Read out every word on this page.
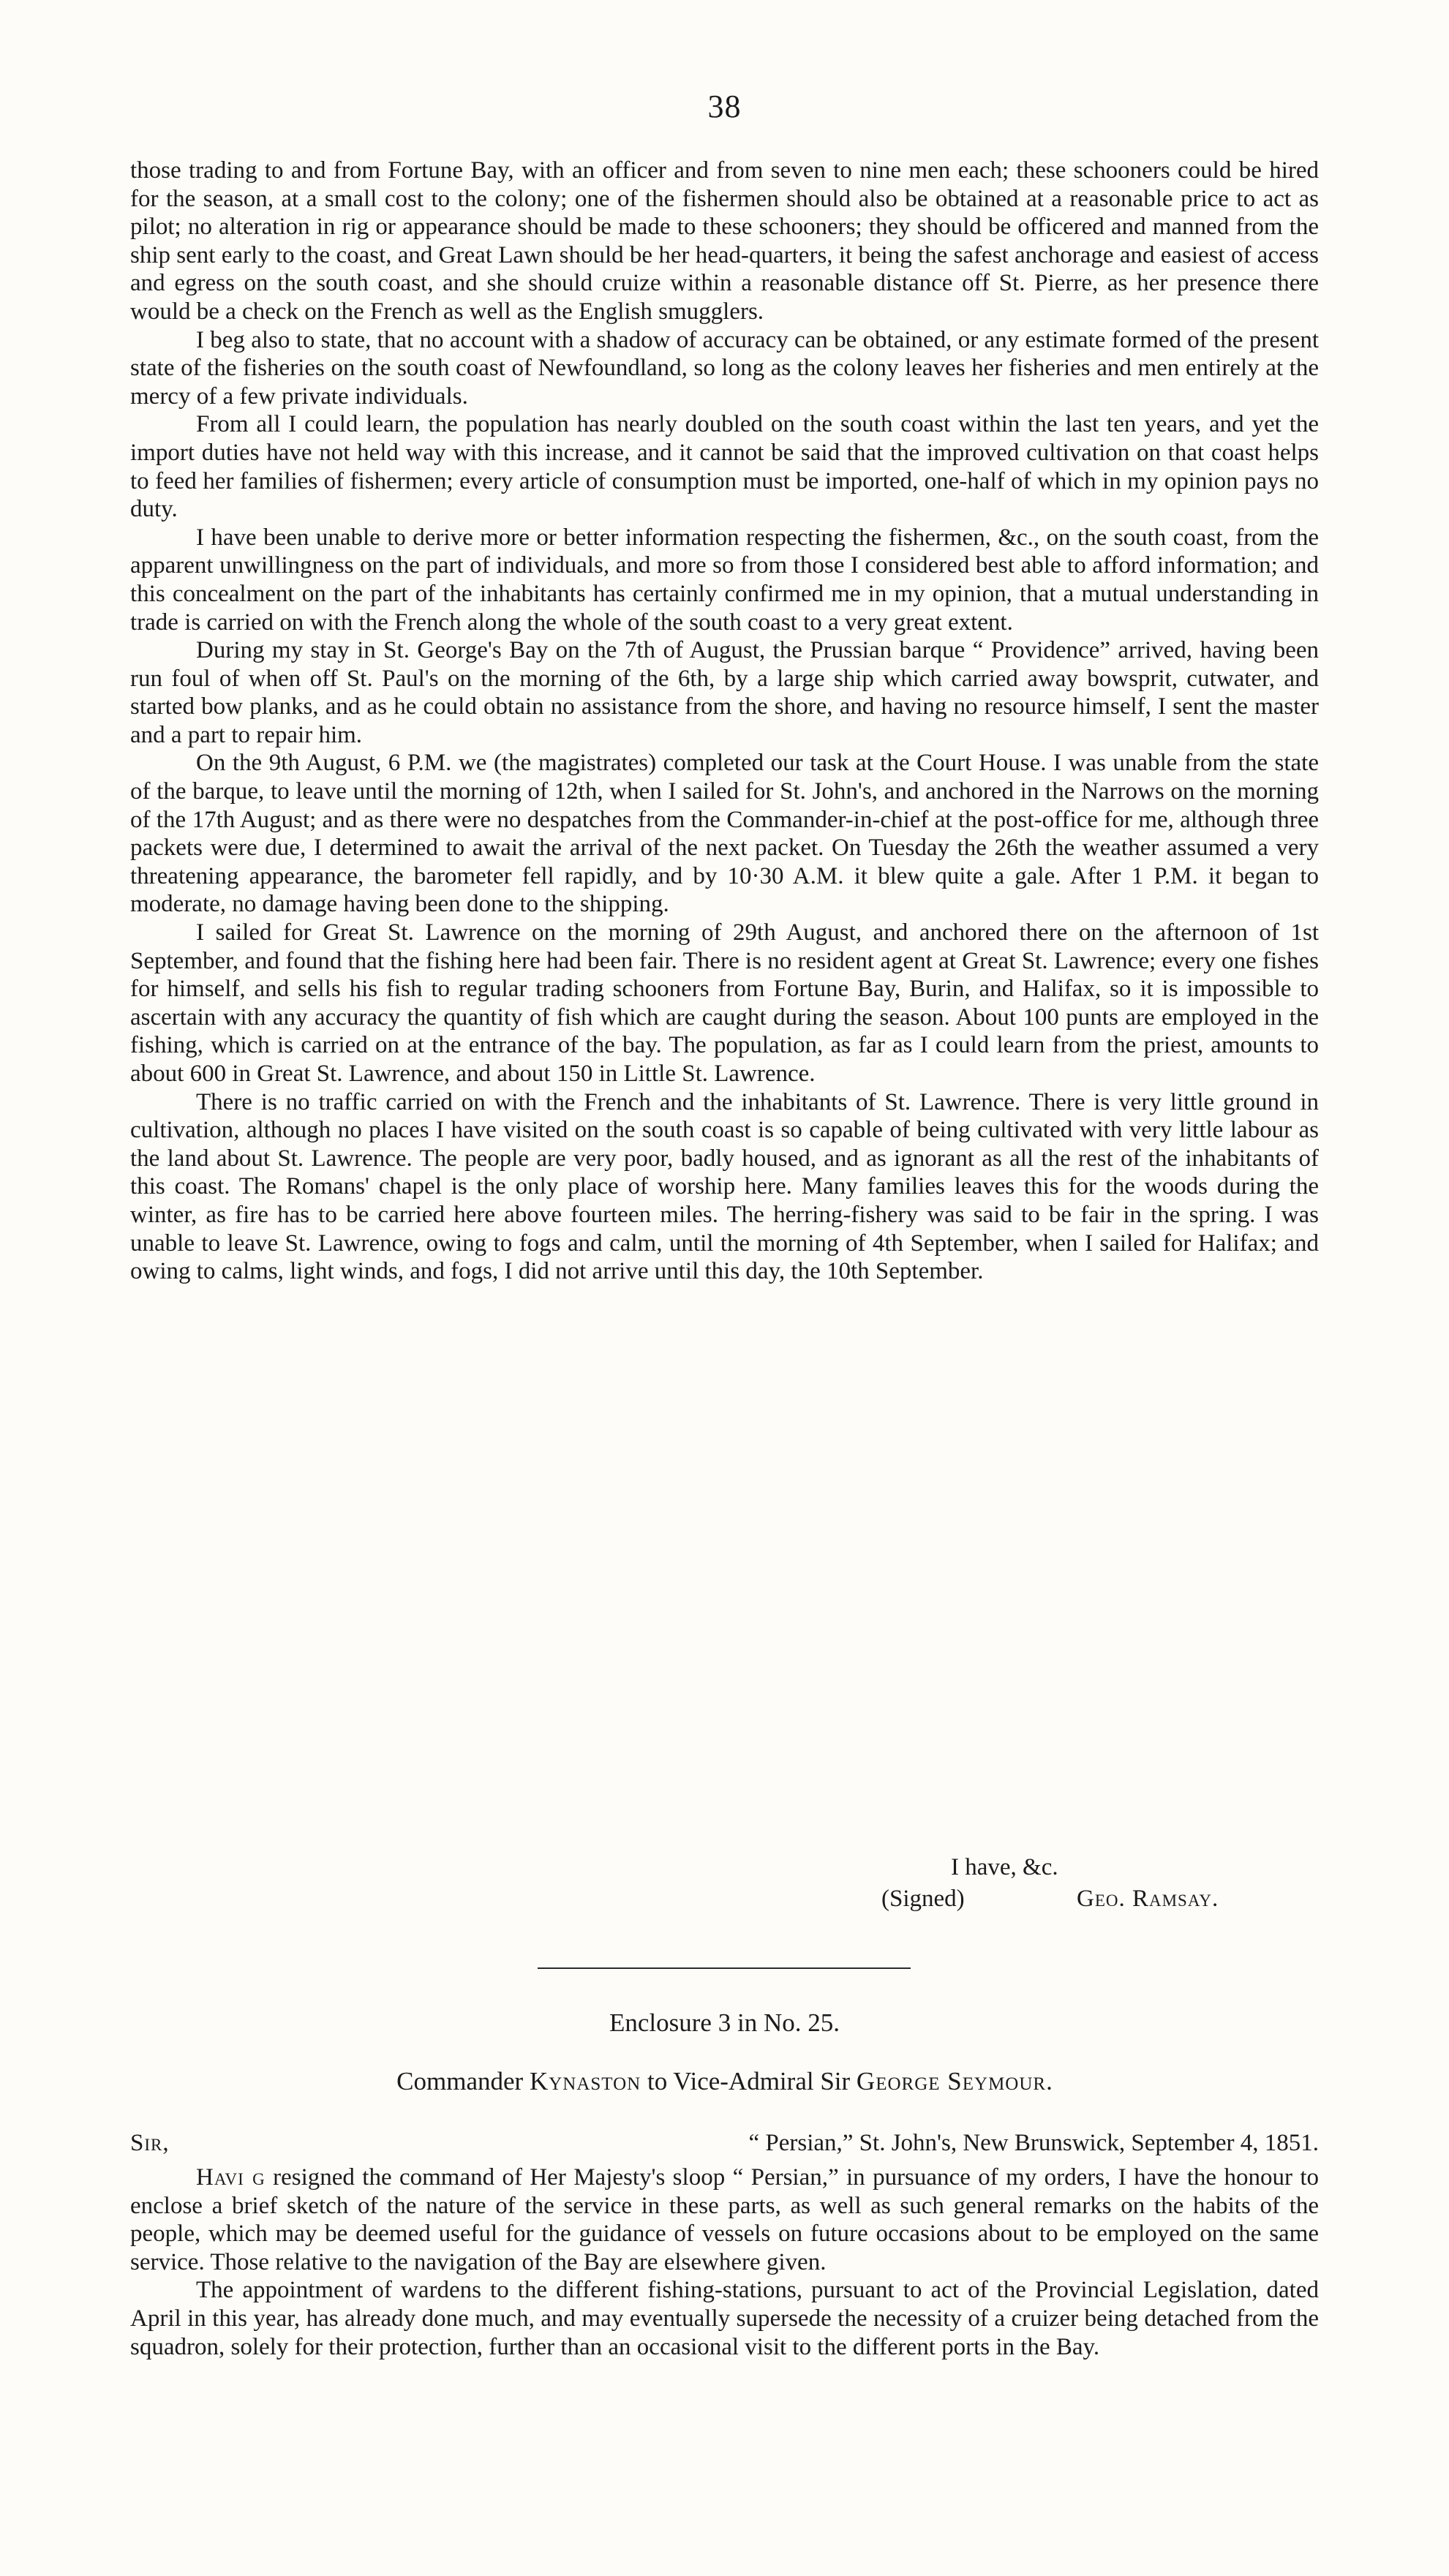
38

those trading to and from Fortune Bay, with an officer and from seven to nine men each; these schooners could be hired for the season, at a small cost to the colony; one of the fishermen should also be obtained at a reasonable price to act as pilot; no alteration in rig or appearance should be made to these schooners; they should be officered and manned from the ship sent early to the coast, and Great Lawn should be her head-quarters, it being the safest anchorage and easiest of access and egress on the south coast, and she should cruize within a reasonable distance off St. Pierre, as her presence there would be a check on the French as well as the English smugglers.

I beg also to state, that no account with a shadow of accuracy can be obtained, or any estimate formed of the present state of the fisheries on the south coast of Newfoundland, so long as the colony leaves her fisheries and men entirely at the mercy of a few private individuals.

From all I could learn, the population has nearly doubled on the south coast within the last ten years, and yet the import duties have not held way with this increase, and it cannot be said that the improved cultivation on that coast helps to feed her families of fishermen; every article of consumption must be imported, one-half of which in my opinion pays no duty.

I have been unable to derive more or better information respecting the fishermen, &c., on the south coast, from the apparent unwillingness on the part of individuals, and more so from those I considered best able to afford information; and this concealment on the part of the inhabitants has certainly confirmed me in my opinion, that a mutual understanding in trade is carried on with the French along the whole of the south coast to a very great extent.

During my stay in St. George's Bay on the 7th of August, the Prussian barque “ Providence” arrived, having been run foul of when off St. Paul's on the morning of the 6th, by a large ship which carried away bowsprit, cutwater, and started bow planks, and as he could obtain no assistance from the shore, and having no resource himself, I sent the master and a part to repair him.

On the 9th August, 6 P.M. we (the magistrates) completed our task at the Court House. I was unable from the state of the barque, to leave until the morning of 12th, when I sailed for St. John's, and anchored in the Narrows on the morning of the 17th August; and as there were no despatches from the Commander-in-chief at the post-office for me, although three packets were due, I determined to await the arrival of the next packet. On Tuesday the 26th the weather assumed a very threatening appearance, the barometer fell rapidly, and by 10·30 A.M. it blew quite a gale. After 1 P.M. it began to moderate, no damage having been done to the shipping.

I sailed for Great St. Lawrence on the morning of 29th August, and anchored there on the afternoon of 1st September, and found that the fishing here had been fair. There is no resident agent at Great St. Lawrence; every one fishes for himself, and sells his fish to regular trading schooners from Fortune Bay, Burin, and Halifax, so it is impossible to ascertain with any accuracy the quantity of fish which are caught during the season. About 100 punts are employed in the fishing, which is carried on at the entrance of the bay. The population, as far as I could learn from the priest, amounts to about 600 in Great St. Lawrence, and about 150 in Little St. Lawrence.

There is no traffic carried on with the French and the inhabitants of St. Lawrence. There is very little ground in cultivation, although no places I have visited on the south coast is so capable of being cultivated with very little labour as the land about St. Lawrence. The people are very poor, badly housed, and as ignorant as all the rest of the inhabitants of this coast. The Romans' chapel is the only place of worship here. Many families leaves this for the woods during the winter, as fire has to be carried here above fourteen miles. The herring-fishery was said to be fair in the spring. I was unable to leave St. Lawrence, owing to fogs and calm, until the morning of 4th September, when I sailed for Halifax; and owing to calms, light winds, and fogs, I did not arrive until this day, the 10th September.

I have, &c.
(Signed)	Geo. Ramsay.
Enclosure 3 in No. 25.
Commander Kynaston to Vice-Admiral Sir George Seymour.
Sir,	“ Persian,” St. John's, New Brunswick, September 4, 1851.

Havi g resigned the command of Her Majesty's sloop “ Persian,” in pursuance of my orders, I have the honour to enclose a brief sketch of the nature of the service in these parts, as well as such general remarks on the habits of the people, which may be deemed useful for the guidance of vessels on future occasions about to be employed on the same service. Those relative to the navigation of the Bay are elsewhere given.

The appointment of wardens to the different fishing-stations, pursuant to act of the Provincial Legislation, dated April in this year, has already done much, and may eventually supersede the necessity of a cruizer being detached from the squadron, solely for their protection, further than an occasional visit to the different ports in the Bay.
